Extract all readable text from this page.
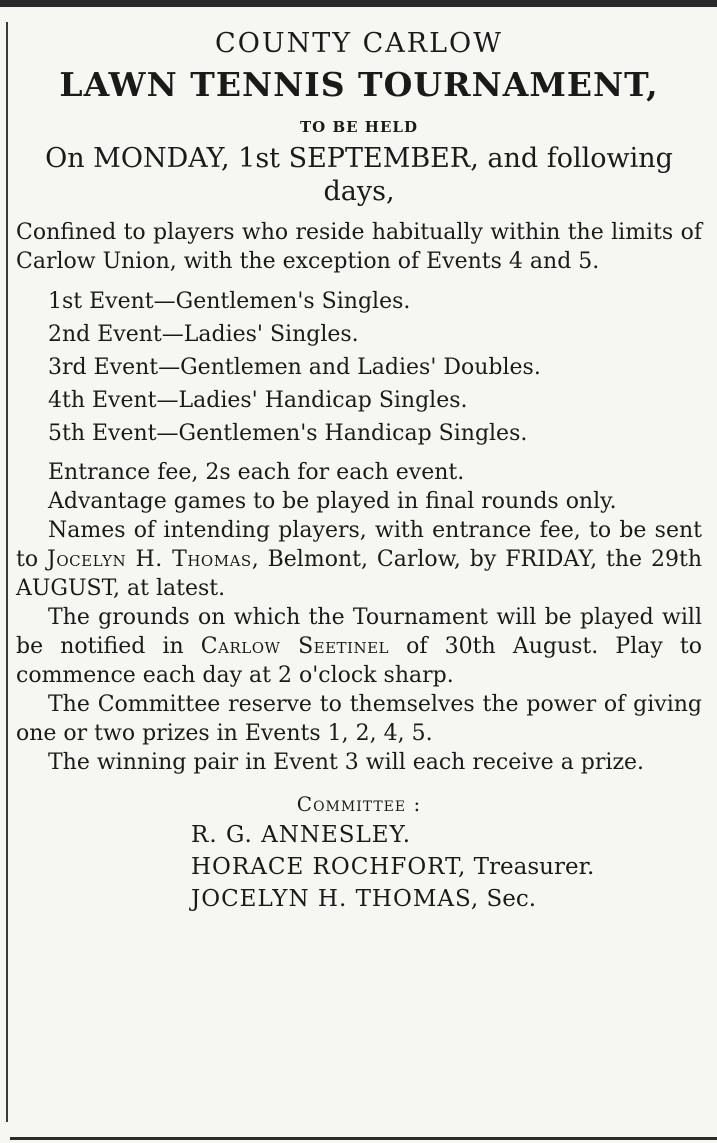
COUNTY CARLOW

LAWN TENNIS TOURNAMENT,

TO BE HELD

On MONDAY, 1st SEPTEMBER, and following days,

Confined to players who reside habitually within the limits of Carlow Union, with the exception of Events 4 and 5.

1st Event—Gentlemen's Singles.
2nd Event—Ladies' Singles.
3rd Event—Gentlemen and Ladies' Doubles.
4th Event—Ladies' Handicap Singles.
5th Event—Gentlemen's Handicap Singles.

Entrance fee, 2s each for each event.

Advantage games to be played in final rounds only.

Names of intending players, with entrance fee, to be sent to Jocelyn H. Thomas, Belmont, Carlow, by FRIDAY, the 29th AUGUST, at latest.

The grounds on which the Tournament will be played will be notified in Carlow Seetinel of 30th August. Play to commence each day at 2 o'clock sharp.

The Committee reserve to themselves the power of giving one or two prizes in Events 1, 2, 4, 5.

The winning pair in Event 3 will each receive a prize.

Committee :

R. G. ANNESLEY.

HORACE ROCHFORT, Treasurer.

JOCELYN H. THOMAS, Sec.
